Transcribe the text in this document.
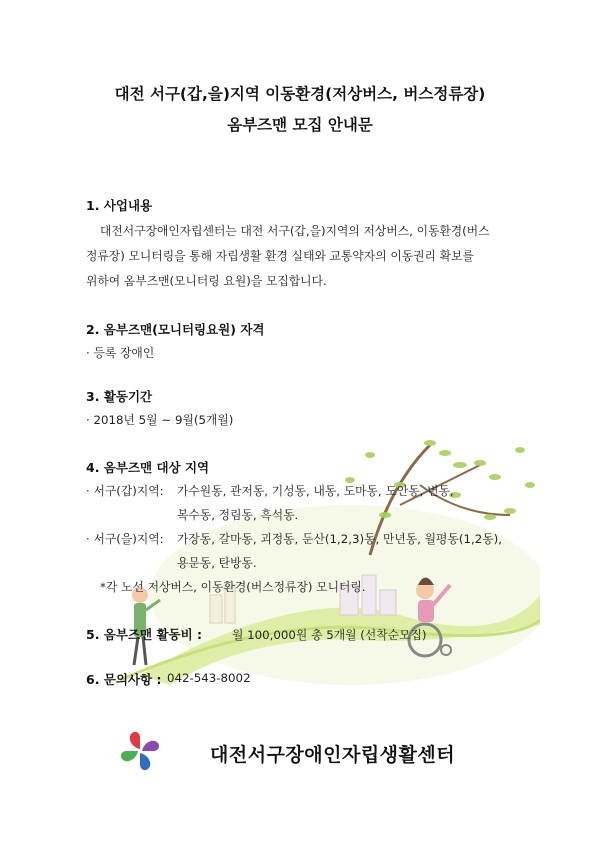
대전 서구(갑,을)지역 이동환경(저상버스, 버스정류장)
옴부즈맨 모집 안내문
1. 사업내용
대전서구장애인자립센터는 대전 서구(갑,을)지역의 저상버스, 이동환경(버스
정류장) 모니터링을 통해 자립생활 환경 실태와 교통약자의 이동권리 확보를
위하여 옴부즈맨(모니터링 요원)을 모집합니다.
2. 옴부즈맨(모니터링요원) 자격
· 등록 장애인
3. 활동기간
· 2018년 5월 ~ 9월(5개월)
4. 옴부즈맨 대상 지역
· 서구(갑)지역: 가수원동, 관저동, 기성동, 내동, 도마동, 도안동, 변동,
복수동, 정림동, 흑석동.
· 서구(을)지역: 가장동, 갈마동, 괴정동, 둔산(1,2,3)동, 만년동, 월평동(1,2동),
용문동, 탄방동.
*각 노선 저상버스, 이동환경(버스정류장) 모니터링.
5. 옴부즈맨 활동비 :	월 100,000원 총 5개월 (선착순모집)
6. 문의사항 : 042-543-8002
대전서구장애인자립생활센터
